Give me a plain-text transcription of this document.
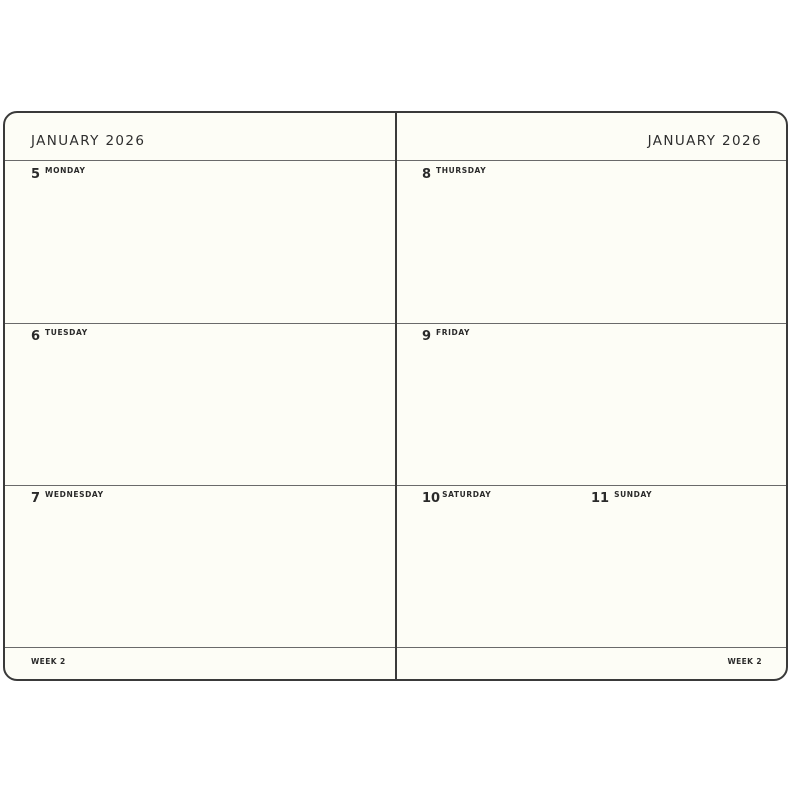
JANUARY 2026
5 MONDAY
6 TUESDAY
7 WEDNESDAY
WEEK 2
JANUARY 2026
8 THURSDAY
9 FRIDAY
10 SATURDAY	11 SUNDAY
WEEK 2
